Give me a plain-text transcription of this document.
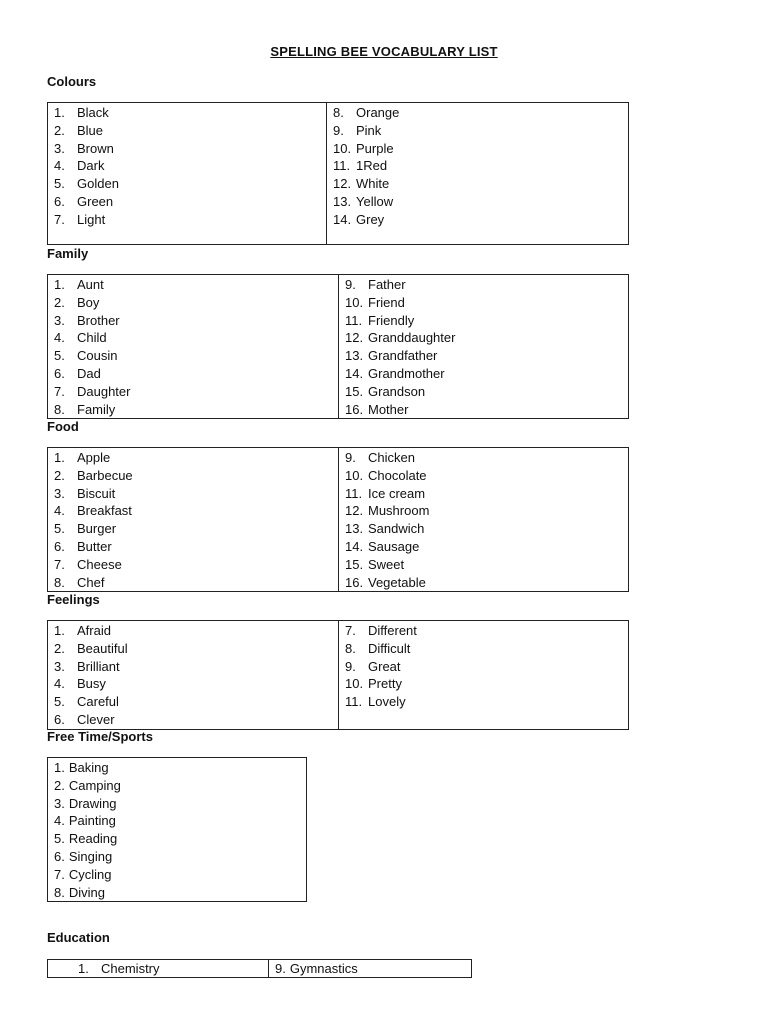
SPELLING BEE VOCABULARY LIST
Colours
1. Black
2. Blue
3. Brown
4. Dark
5. Golden
6. Green
7. Light

8. Orange
9. Pink
10. Purple
11. 1Red
12. White
13. Yellow
14. Grey
Family
1. Aunt
2. Boy
3. Brother
4. Child
5. Cousin
6. Dad
7. Daughter
8. Family

9. Father
10. Friend
11. Friendly
12. Granddaughter
13. Grandfather
14. Grandmother
15. Grandson
16. Mother
Food
1. Apple
2. Barbecue
3. Biscuit
4. Breakfast
5. Burger
6. Butter
7. Cheese
8. Chef

9. Chicken
10. Chocolate
11. Ice cream
12. Mushroom
13. Sandwich
14. Sausage
15. Sweet
16. Vegetable
Feelings
1. Afraid
2. Beautiful
3. Brilliant
4. Busy
5. Careful
6. Clever

7. Different
8. Difficult
9. Great
10. Pretty
11. Lovely
Free Time/Sports
1. Baking
2. Camping
3. Drawing
4. Painting
5. Reading
6. Singing
7. Cycling
8. Diving
Education
1. Chemistry	9. Gymnastics
